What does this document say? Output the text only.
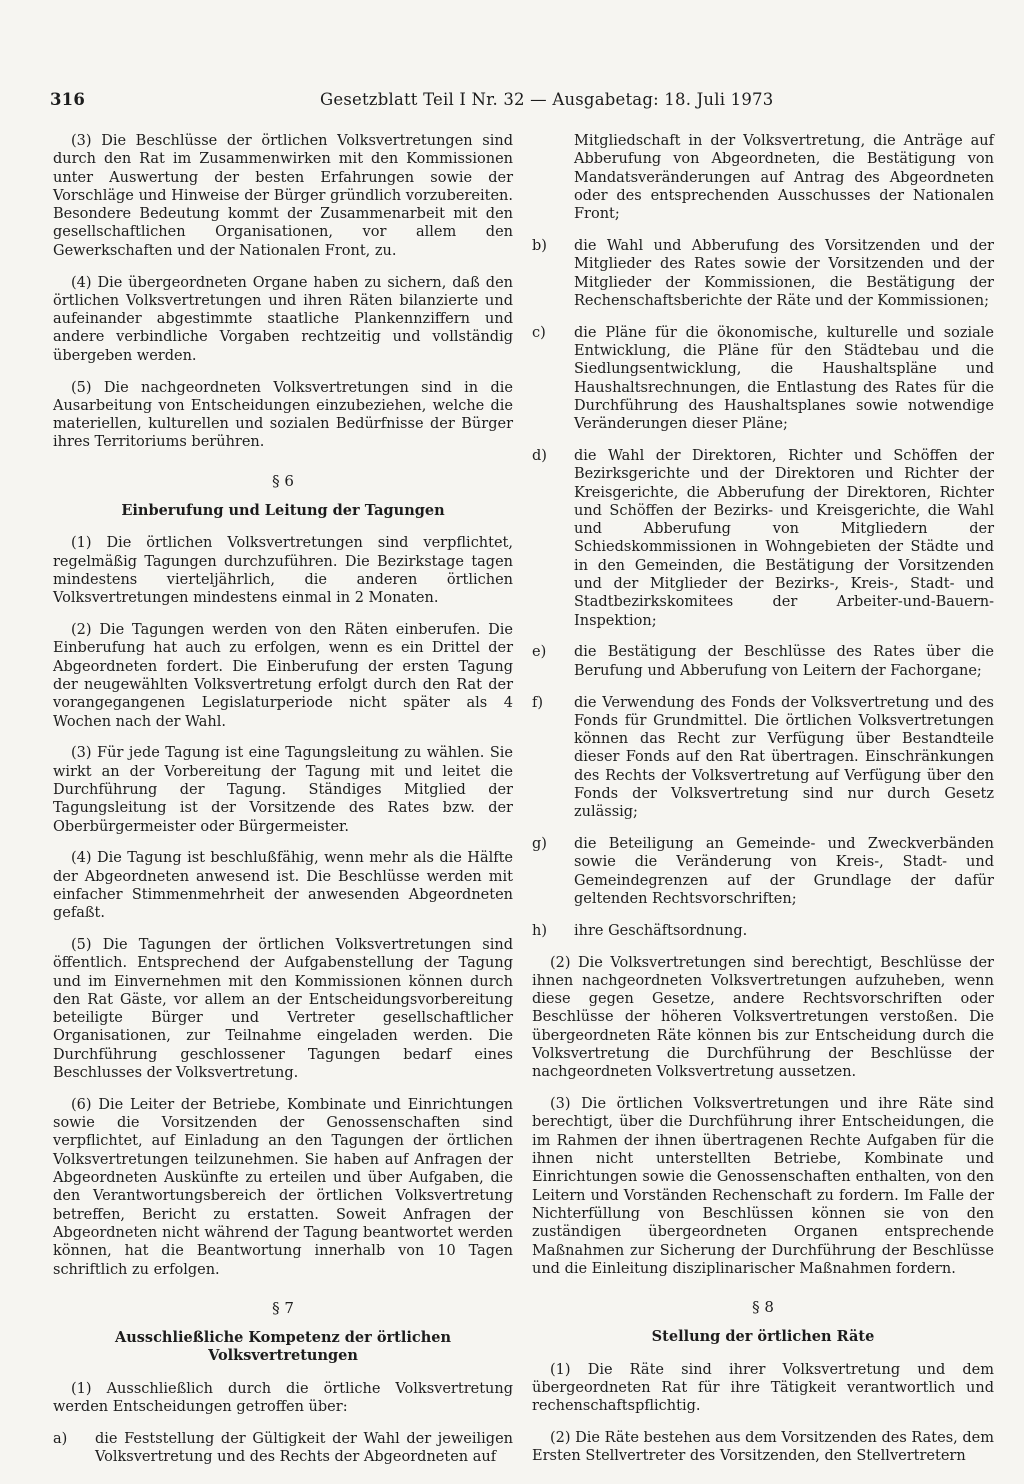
316	Gesetzblatt Teil I Nr. 32 — Ausgabetag: 18. Juli 1973

(3) Die Beschlüsse der örtlichen Volksvertretungen sind durch den Rat im Zusammenwirken mit den Kommissionen unter Auswertung der besten Erfahrungen sowie der Vorschläge und Hinweise der Bürger gründlich vorzubereiten. Besondere Bedeutung kommt der Zusammenarbeit mit den gesellschaftlichen Organisationen, vor allem den Gewerkschaften und der Nationalen Front, zu.

(4) Die übergeordneten Organe haben zu sichern, daß den örtlichen Volksvertretungen und ihren Räten bilanzierte und aufeinander abgestimmte staatliche Plankennziffern und andere verbindliche Vorgaben rechtzeitig und vollständig übergeben werden.

(5) Die nachgeordneten Volksvertretungen sind in die Ausarbeitung von Entscheidungen einzubeziehen, welche die materiellen, kulturellen und sozialen Bedürfnisse der Bürger ihres Territoriums berühren.

§ 6
Einberufung und Leitung der Tagungen

(1) Die örtlichen Volksvertretungen sind verpflichtet, regelmäßig Tagungen durchzuführen. Die Bezirkstage tagen mindestens vierteljährlich, die anderen örtlichen Volksvertretungen mindestens einmal in 2 Monaten.

(2) Die Tagungen werden von den Räten einberufen. Die Einberufung hat auch zu erfolgen, wenn es ein Drittel der Abgeordneten fordert. Die Einberufung der ersten Tagung der neugewählten Volksvertretung erfolgt durch den Rat der vorangegangenen Legislaturperiode nicht später als 4 Wochen nach der Wahl.

(3) Für jede Tagung ist eine Tagungsleitung zu wählen. Sie wirkt an der Vorbereitung der Tagung mit und leitet die Durchführung der Tagung. Ständiges Mitglied der Tagungsleitung ist der Vorsitzende des Rates bzw. der Oberbürgermeister oder Bürgermeister.

(4) Die Tagung ist beschlußfähig, wenn mehr als die Hälfte der Abgeordneten anwesend ist. Die Beschlüsse werden mit einfacher Stimmenmehrheit der anwesenden Abgeordneten gefaßt.

(5) Die Tagungen der örtlichen Volksvertretungen sind öffentlich. Entsprechend der Aufgabenstellung der Tagung und im Einvernehmen mit den Kommissionen können durch den Rat Gäste, vor allem an der Entscheidungsvorbereitung beteiligte Bürger und Vertreter gesellschaftlicher Organisationen, zur Teilnahme eingeladen werden. Die Durchführung geschlossener Tagungen bedarf eines Beschlusses der Volksvertretung.

(6) Die Leiter der Betriebe, Kombinate und Einrichtungen sowie die Vorsitzenden der Genossenschaften sind verpflichtet, auf Einladung an den Tagungen der örtlichen Volksvertretungen teilzunehmen. Sie haben auf Anfragen der Abgeordneten Auskünfte zu erteilen und über Aufgaben, die den Verantwortungsbereich der örtlichen Volksvertretung betreffen, Bericht zu erstatten. Soweit Anfragen der Abgeordneten nicht während der Tagung beantwortet werden können, hat die Beantwortung innerhalb von 10 Tagen schriftlich zu erfolgen.

§ 7
Ausschließliche Kompetenz der örtlichen Volksvertretungen

(1) Ausschließlich durch die örtliche Volksvertretung werden Entscheidungen getroffen über:

a)	die Feststellung der Gültigkeit der Wahl der jeweiligen Volksvertretung und des Rechts der Abgeordneten auf
Mitgliedschaft in der Volksvertretung, die Anträge auf Abberufung von Abgeordneten, die Bestätigung von Mandatsveränderungen auf Antrag des Abgeordneten oder des entsprechenden Ausschusses der Nationalen Front;
b)	die Wahl und Abberufung des Vorsitzenden und der Mitglieder des Rates sowie der Vorsitzenden und der Mitglieder der Kommissionen, die Bestätigung der Rechenschaftsberichte der Räte und der Kommissionen;
c)	die Pläne für die ökonomische, kulturelle und soziale Entwicklung, die Pläne für den Städtebau und die Siedlungsentwicklung, die Haushaltspläne und Haushaltsrechnungen, die Entlastung des Rates für die Durchführung des Haushaltsplanes sowie notwendige Veränderungen dieser Pläne;
d)	die Wahl der Direktoren, Richter und Schöffen der Bezirksgerichte und der Direktoren und Richter der Kreisgerichte, die Abberufung der Direktoren, Richter und Schöffen der Bezirks- und Kreisgerichte, die Wahl und Abberufung von Mitgliedern der Schiedskommissionen in Wohngebieten der Städte und in den Gemeinden, die Bestätigung der Vorsitzenden und der Mitglieder der Bezirks-, Kreis-, Stadt- und Stadtbezirkskomitees der Arbeiter-und-Bauern-Inspektion;
e)	die Bestätigung der Beschlüsse des Rates über die Berufung und Abberufung von Leitern der Fachorgane;
f)	die Verwendung des Fonds der Volksvertretung und des Fonds für Grundmittel. Die örtlichen Volksvertretungen können das Recht zur Verfügung über Bestandteile dieser Fonds auf den Rat übertragen. Einschränkungen des Rechts der Volksvertretung auf Verfügung über den Fonds der Volksvertretung sind nur durch Gesetz zulässig;
g)	die Beteiligung an Gemeinde- und Zweckverbänden sowie die Veränderung von Kreis-, Stadt- und Gemeindegrenzen auf der Grundlage der dafür geltenden Rechtsvorschriften;
h)	ihre Geschäftsordnung.

(2) Die Volksvertretungen sind berechtigt, Beschlüsse der ihnen nachgeordneten Volksvertretungen aufzuheben, wenn diese gegen Gesetze, andere Rechtsvorschriften oder Beschlüsse der höheren Volksvertretungen verstoßen. Die übergeordneten Räte können bis zur Entscheidung durch die Volksvertretung die Durchführung der Beschlüsse der nachgeordneten Volksvertretung aussetzen.

(3) Die örtlichen Volksvertretungen und ihre Räte sind berechtigt, über die Durchführung ihrer Entscheidungen, die im Rahmen der ihnen übertragenen Rechte Aufgaben für die ihnen nicht unterstellten Betriebe, Kombinate und Einrichtungen sowie die Genossenschaften enthalten, von den Leitern und Vorständen Rechenschaft zu fordern. Im Falle der Nichterfüllung von Beschlüssen können sie von den zuständigen übergeordneten Organen entsprechende Maßnahmen zur Sicherung der Durchführung der Beschlüsse und die Einleitung disziplinarischer Maßnahmen fordern.

§ 8
Stellung der örtlichen Räte

(1) Die Räte sind ihrer Volksvertretung und dem übergeordneten Rat für ihre Tätigkeit verantwortlich und rechenschaftspflichtig.

(2) Die Räte bestehen aus dem Vorsitzenden des Rates, dem Ersten Stellvertreter des Vorsitzenden, den Stellvertretern
